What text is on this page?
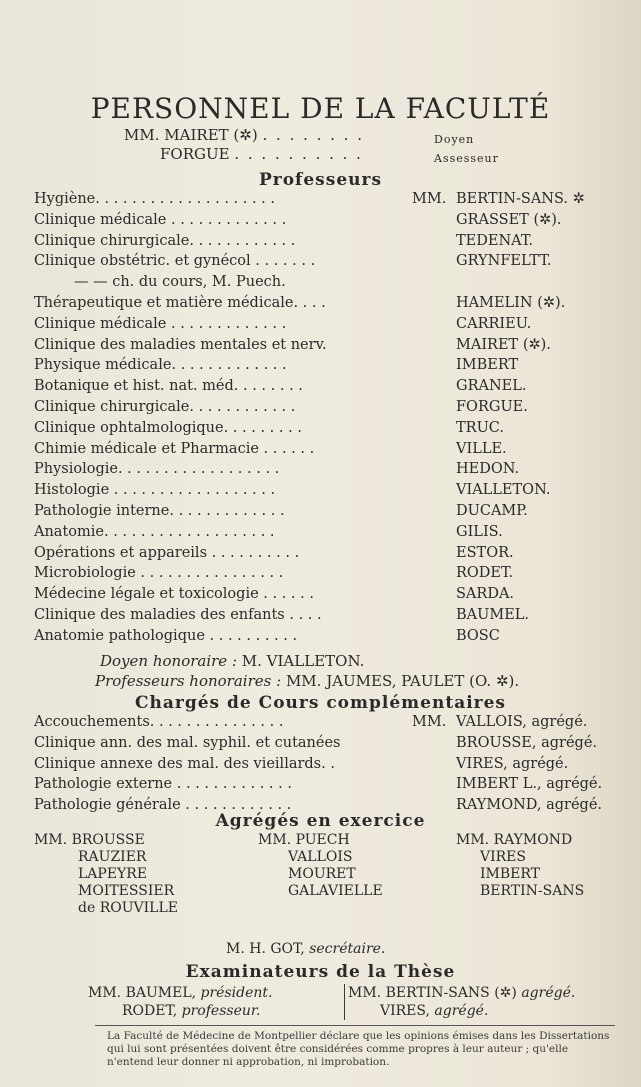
PERSONNEL DE LA FACULTÉ
MM. MAIRET (✲) . . . . . . . .	Doyen
FORGUE . . . . . . . . . .	Assesseur
Professeurs
Hygiène. . . . . . . . . . . . . . . . . . . .	MM. BERTIN-SANS. ✲
Clinique médicale . . . . . . . . . . . . .	GRASSET (✲).
Clinique chirurgicale. . . . . . . . . . . .	TEDENAT.
Clinique obstétric. et gynécol . . . . . . .	GRYNFELTT.
— — ch. du cours, M. Puech.
Thérapeutique et matière médicale. . . .	HAMELIN (✲).
Clinique médicale . . . . . . . . . . . . .	CARRIEU.
Clinique des maladies mentales et nerv.	MAIRET (✲).
Physique médicale. . . . . . . . . . . . .	IMBERT
Botanique et hist. nat. méd. . . . . . . .	GRANEL.
Clinique chirurgicale. . . . . . . . . . . .	FORGUE.
Clinique ophtalmologique. . . . . . . . .	TRUC.
Chimie médicale et Pharmacie . . . . . .	VILLE.
Physiologie. . . . . . . . . . . . . . . . . .	HEDON.
Histologie . . . . . . . . . . . . . . . . . .	VIALLETON.
Pathologie interne. . . . . . . . . . . . .	DUCAMP.
Anatomie. . . . . . . . . . . . . . . . . . .	GILIS.
Opérations et appareils . . . . . . . . . .	ESTOR.
Microbiologie . . . . . . . . . . . . . . . .	RODET.
Médecine légale et toxicologie . . . . . .	SARDA.
Clinique des maladies des enfants . . . .	BAUMEL.
Anatomie pathologique . . . . . . . . . .	BOSC
Doyen honoraire : M. VIALLETON.
Professeurs honoraires : MM. JAUMES, PAULET (O. ✲).
Chargés de Cours complémentaires
Accouchements. . . . . . . . . . . . . . .	MM. VALLOIS, agrégé.
Clinique ann. des mal. syphil. et cutanées	BROUSSE, agrégé.
Clinique annexe des mal. des vieillards. .	VIRES, agrégé.
Pathologie externe . . . . . . . . . . . . .	IMBERT L., agrégé.
Pathologie générale . . . . . . . . . . . .	RAYMOND, agrégé.
Agrégés en exercice
MM. BROUSSE
RAUZIER
LAPEYRE
MOITESSIER
de ROUVILLE
MM. PUECH
VALLOIS
MOURET
GALAVIELLE
MM. RAYMOND
VIRES
IMBERT
BERTIN-SANS
M. H. GOT, secrétaire.
Examinateurs de la Thèse
MM. BAUMEL, président.
RODET, professeur.
MM. BERTIN-SANS (✲) agrégé.
VIRES, agrégé.
La Faculté de Médecine de Montpellier déclare que les opinions émises dans les Dissertations qui lui sont présentées doivent être considérées comme propres à leur auteur ; qu'elle n'entend leur donner ni approbation, ni improbation.
